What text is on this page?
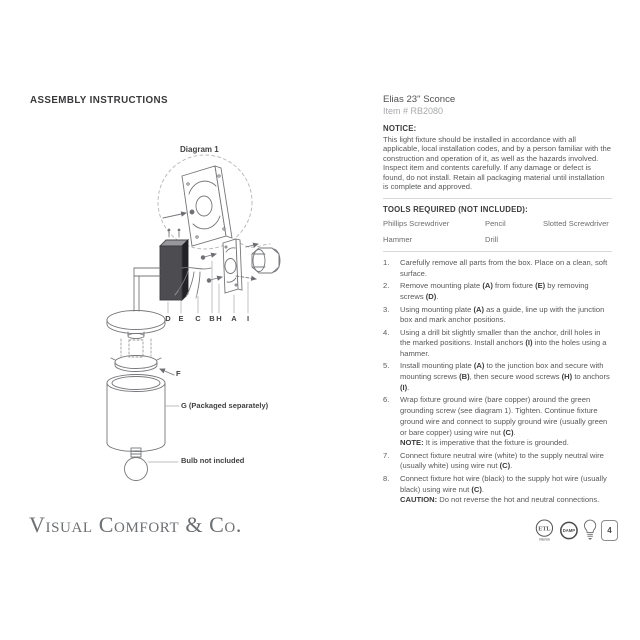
ASSEMBLY INSTRUCTIONS	Elias 23" Sconce
Item # RB2080
NOTICE:
This light fixture should be installed in accordance with all applicable, local installation codes, and by a person familiar with the construction and operation of it, as well as the hazards involved. Inspect item and contents carefully. If any damage or defect is found, do not install. Retain all packaging material until installation is complete and approved.
TOOLS REQUIRED (NOT INCLUDED):
Phillips Screwdriver	Pencil	Slotted Screwdriver
Hammer	Drill
1.	Carefully remove all parts from the box. Place on a clean, soft surface.
2.	Remove mounting plate (A) from fixture (E) by removing screws (D).
3.	Using mounting plate (A) as a guide, line up with the junction box and mark anchor positions.
4.	Using a drill bit slightly smaller than the anchor, drill holes in the marked positions. Install anchors (I) into the holes using a hammer.
5.	Install mounting plate (A) to the junction box and secure with mounting screws (B), then secure wood screws (H) to anchors (I).
6.	Wrap fixture ground wire (bare copper) around the green grounding screw (see diagram 1). Tighten. Continue fixture ground wire and connect to supply ground wire (usually green or bare copper) using wire nut (C).
NOTE: It is imperative that the fixture is grounded.
7.	Connect fixture neutral wire (white) to the supply neutral wire (usually white) using wire nut (C).
8.	Connect fixture hot wire (black) to the supply hot wire (usually black) using wire nut (C).
CAUTION: Do not reverse the hot and neutral connections.
Diagram 1
D	E	C	B H	A	I
F
G (Packaged separately)
Bulb not included
Visual Comfort & Co.	ETL
Intertek
DAMP	4
